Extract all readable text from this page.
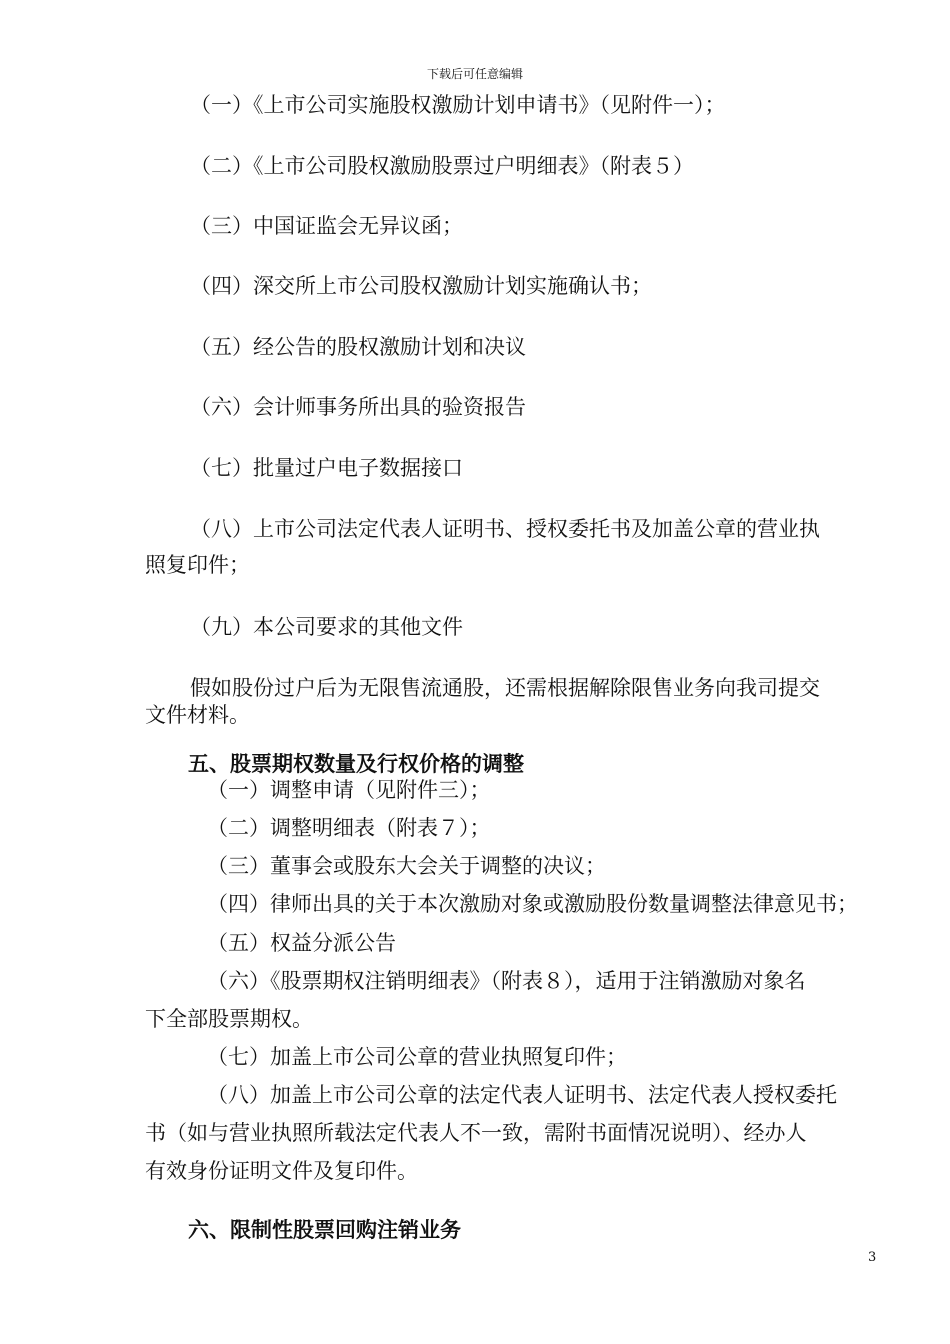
下载后可任意编辑
（一）《上市公司实施股权激励计划申请书》（见附件一）；
（二）《上市公司股权激励股票过户明细表》（附表５）
（三）中国证监会无异议函；
（四）深交所上市公司股权激励计划实施确认书；
（五）经公告的股权激励计划和决议
（六）会计师事务所出具的验资报告
（七）批量过户电子数据接口
（八）上市公司法定代表人证明书、授权委托书及加盖公章的营业执
照复印件；
（九）本公司要求的其他文件
假如股份过户后为无限售流通股，还需根据解除限售业务向我司提交
文件材料。
五、股票期权数量及行权价格的调整
（一）调整申请（见附件三）；
（二）调整明细表（附表７）；
（三）董事会或股东大会关于调整的决议；
（四）律师出具的关于本次激励对象或激励股份数量调整法律意见书；
（五）权益分派公告
（六）《股票期权注销明细表》（附表８），适用于注销激励对象名
下全部股票期权。
（七）加盖上市公司公章的营业执照复印件；
（八）加盖上市公司公章的法定代表人证明书、法定代表人授权委托
书（如与营业执照所载法定代表人不一致，需附书面情况说明）、经办人
有效身份证明文件及复印件。
六、限制性股票回购注销业务
3
